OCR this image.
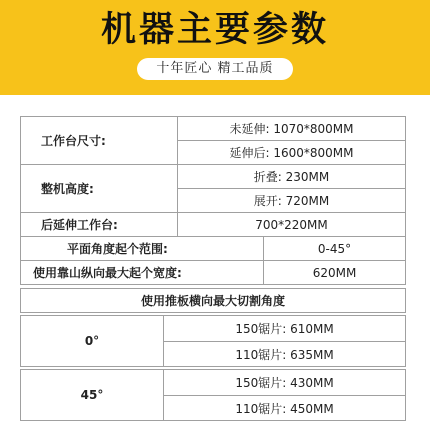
机器主要参数
十年匠心 精工品质
工作台尺寸:
未延伸: 1070*800MM
延伸后: 1600*800MM
整机高度:
折叠: 230MM
展开: 720MM
后延伸工作台:	700*220MM
平面角度起个范围:	0-45°
使用靠山纵向最大起个宽度:	620MM
使用推板横向最大切割角度
0°
150锯片: 610MM
110锯片: 635MM
45°
150锯片: 430MM
110锯片: 450MM
